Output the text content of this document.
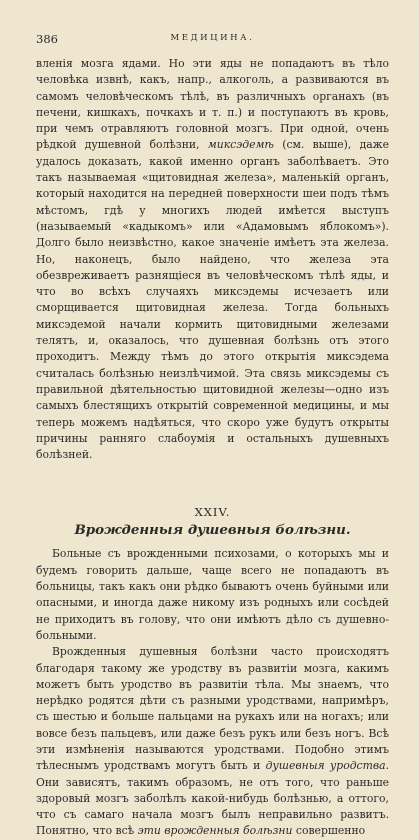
386	МЕДИЦИНА.

вленія мозга ядами. Но эти яды не попадаютъ въ тѣло человѣка извнѣ, какъ, напр., алкоголь, а развиваются въ самомъ человѣческомъ тѣлѣ, въ различныхъ органахъ (въ печени, кишкахъ, почкахъ и т. п.) и поступаютъ въ кровь, при чемъ отравляютъ головной мозгъ. При одной, очень рѣдкой душевной болѣзни, миксэдемѣ (см. выше), даже удалось доказать, какой именно органъ заболѣваетъ. Это такъ называемая «щитовидная железа», маленькій органъ, который находится на передней поверхности шеи подъ тѣмъ мѣстомъ, гдѣ у многихъ людей имѣется выступъ (называемый «кадыкомъ» или «Адамовымъ яблокомъ»). Долго было неизвѣстно, какое значеніе имѣетъ эта железа. Но, наконецъ, было найдено, что железа эта обезвреживаетъ разнящіеся въ человѣческомъ тѣлѣ яды, и что во всѣхъ случаяхъ миксэдемы исчезаетъ или сморщивается щитовидная железа. Тогда больныхъ миксэдемой начали кормить щитовидными железами телятъ, и, оказалось, что душевная болѣзнь отъ этого проходитъ. Между тѣмъ до этого открытія миксэдема считалась болѣзнью неизлѣчимой. Эта связь миксэдемы съ правильной дѣятельностью щитовидной железы—одно изъ самыхъ блестящихъ открытій современной медицины, и мы теперь можемъ надѣяться, что скоро уже будутъ открыты причины ранняго слабоумія и остальныхъ душевныхъ болѣзней.

XXIV.
Врожденныя душевныя болѣзни.

Больные съ врожденными психозами, о которыхъ мы и будемъ говорить дальше, чаще всего не попадаютъ въ больницы, такъ какъ они рѣдко бываютъ очень буйными или опасными, и иногда даже никому изъ родныхъ или сосѣдей не приходитъ въ голову, что они имѣютъ дѣло съ душевно-больными.

Врожденныя душевныя болѣзни часто происходятъ благодаря такому же уродству въ развитіи мозга, какимъ можетъ быть уродство въ развитіи тѣла. Мы знаемъ, что нерѣдко родятся дѣти съ разными уродствами, напримѣръ, съ шестью и больше пальцами на рукахъ или на ногахъ; или вовсе безъ пальцевъ, или даже безъ рукъ или безъ ногъ. Всѣ эти измѣненія называются уродствами. Подобно этимъ тѣлеснымъ уродствамъ могутъ быть и душевныя уродства. Они зависятъ, такимъ образомъ, не отъ того, что раньше здоровый мозгъ заболѣлъ какой-нибудь болѣзнью, а оттого, что съ самаго начала мозгъ былъ неправильно развитъ. Понятно, что всѣ эти врожденныя болѣзни совершенно
